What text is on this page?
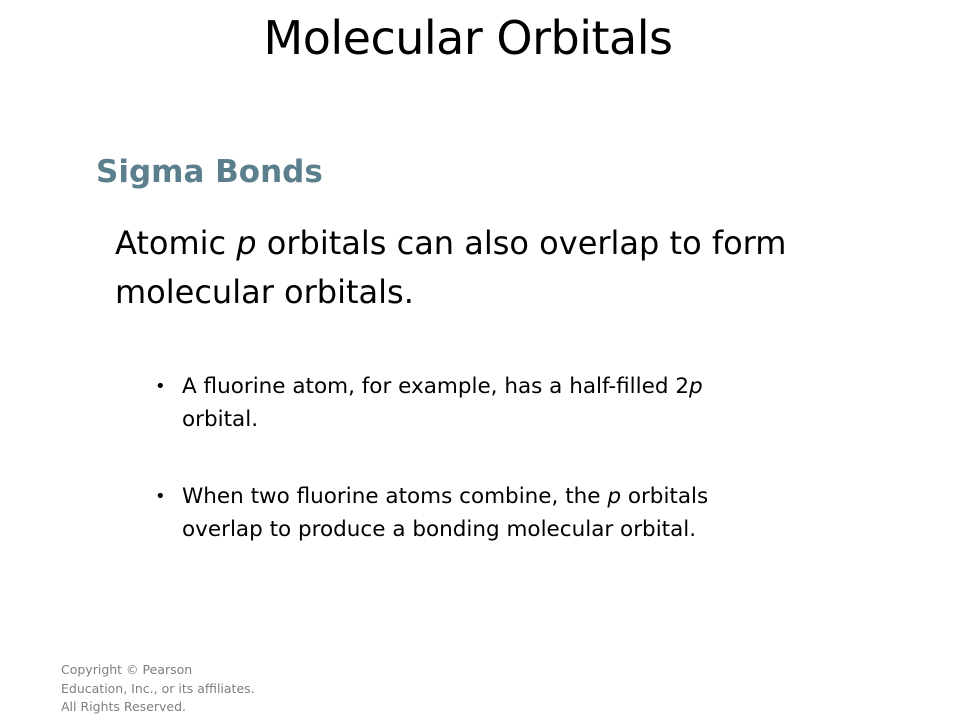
Molecular Orbitals
Sigma Bonds
Atomic p orbitals can also overlap to form
molecular orbitals.
• A fluorine atom, for example, has a half-filled 2p
orbital.
• When two fluorine atoms combine, the p orbitals
overlap to produce a bonding molecular orbital.
Copyright © Pearson
Education, Inc., or its affiliates.
All Rights Reserved.
